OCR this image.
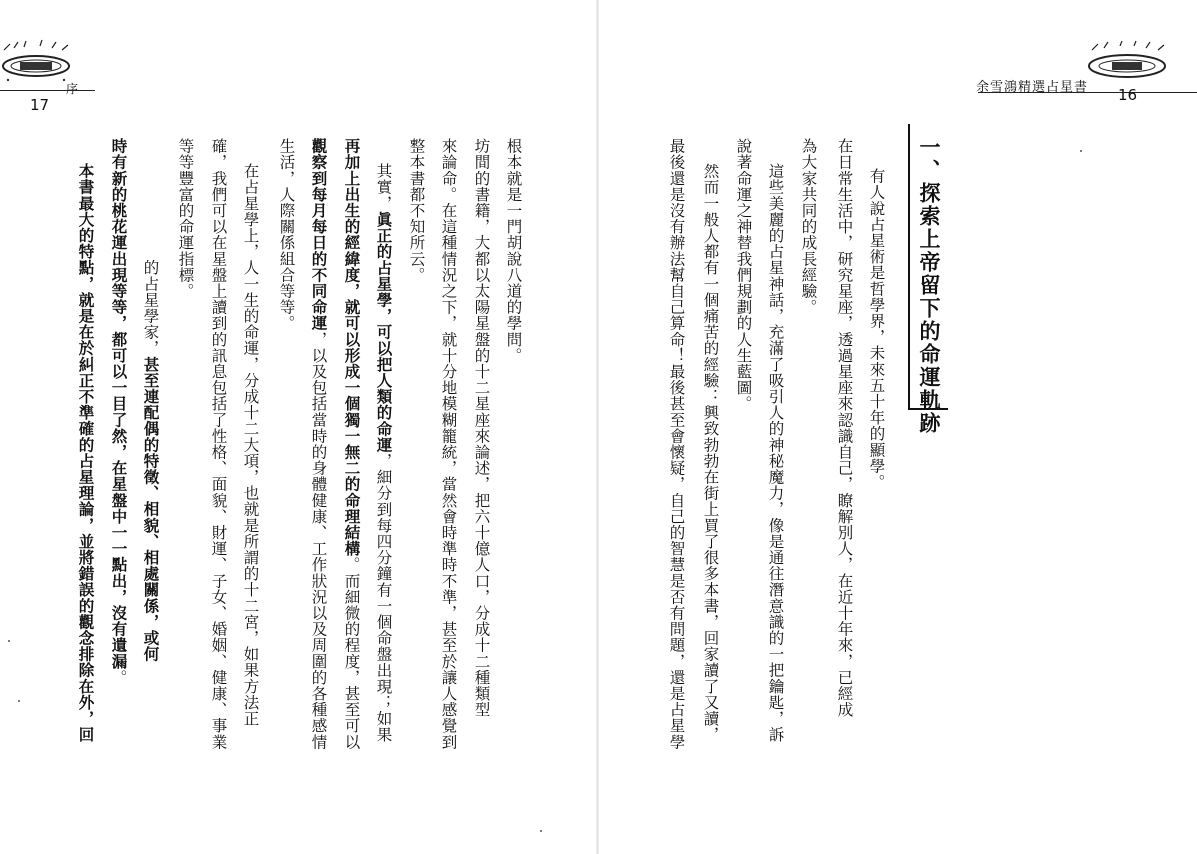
17
序
根本就是一門胡說八道的學問。
坊間的書籍，大都以太陽星盤的十二星座來論述，把六十億人口，分成十二種類型
來論命。在這種情況之下，就十分地模糊籠統，當然會時準時不準，甚至於讓人感覺到
整本書都不知所云。
其實，眞正的占星學，可以把人類的命運，細分到每四分鐘有一個命盤出現；如果
再加上出生的經緯度，就可以形成一個獨一無二的命理結構。而細微的程度，甚至可以
觀察到每月每日的不同命運，以及包括當時的身體健康、工作狀況以及周圍的各種感情
生活，人際關係組合等等。
在占星學上，人一生的命運，分成十二大項，也就是所謂的十二宮，如果方法正
確，我們可以在星盤上讀到的訊息包括了性格、面貌、財運、子女、婚姻、健康、事業
等等豐富的命運指標。
　　　　　　的占星學家，甚至連配偶的特徵、相貌、相處關係，或何
時有新的桃花運出現等等，都可以一目了然，在星盤中一一點出，沒有遺漏。
本書最大的特點，就是在於糾正不準確的占星理論，並將錯誤的觀念排除在外，回
余雪鴻精選占星書 16
一、探索上帝留下的命運軌跡
有人說占星術是哲學界，未來五十年的顯學。
在日常生活中，研究星座，透過星座來認識自己，瞭解別人，在近十年來，已經成
為大家共同的成長經驗。
這些美麗的占星神話，充滿了吸引人的神秘魔力，像是通往潛意識的一把鑰匙，訴
說著命運之神替我們規劃的人生藍圖。
然而一般人都有一個痛苦的經驗：興致勃勃在街上買了很多本書，回家讀了又讀，
最後還是沒有辦法幫自己算命！最後甚至會懷疑，自己的智慧是否有問題，還是占星學
